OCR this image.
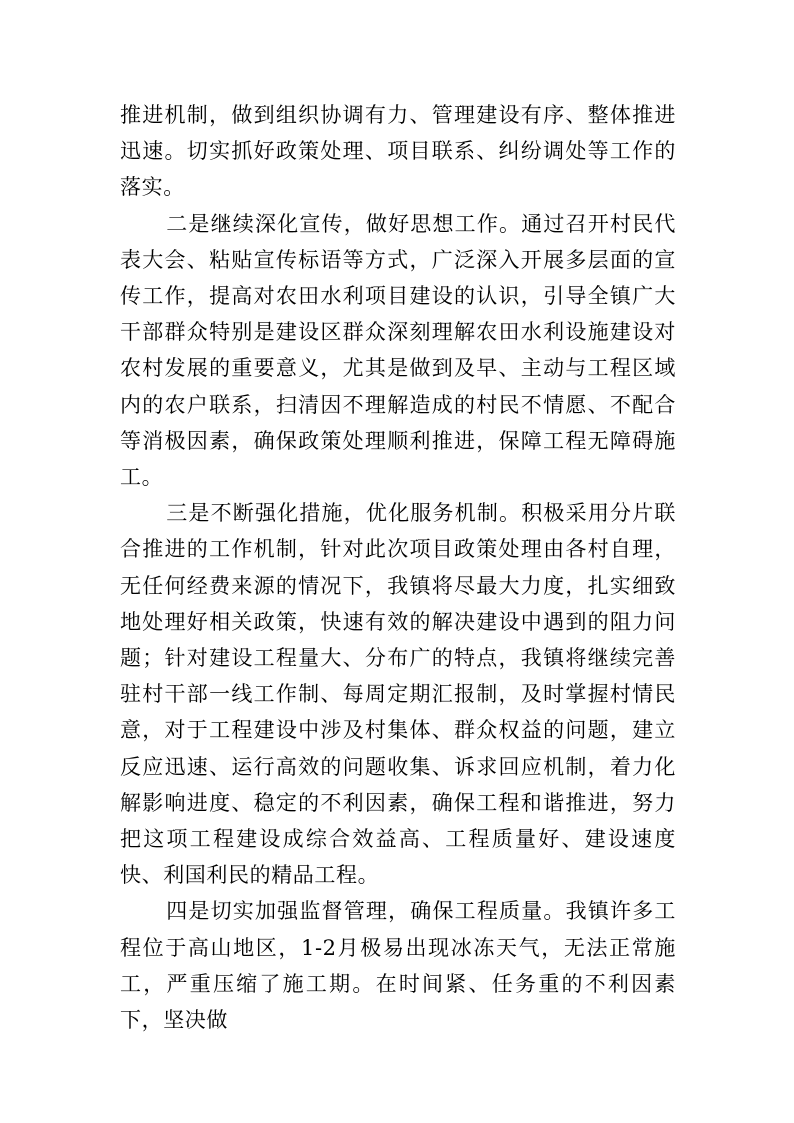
推进机制，做到组织协调有力、管理建设有序、整体推进迅速。切实抓好政策处理、项目联系、纠纷调处等工作的落实。

二是继续深化宣传，做好思想工作。通过召开村民代表大会、粘贴宣传标语等方式，广泛深入开展多层面的宣传工作，提高对农田水利项目建设的认识，引导全镇广大干部群众特别是建设区群众深刻理解农田水利设施建设对农村发展的重要意义，尤其是做到及早、主动与工程区域内的农户联系，扫清因不理解造成的村民不情愿、不配合等消极因素，确保政策处理顺利推进，保障工程无障碍施工。

三是不断强化措施，优化服务机制。积极采用分片联合推进的工作机制，针对此次项目政策处理由各村自理，无任何经费来源的情况下，我镇将尽最大力度，扎实细致地处理好相关政策，快速有效的解决建设中遇到的阻力问题；针对建设工程量大、分布广的特点，我镇将继续完善驻村干部一线工作制、每周定期汇报制，及时掌握村情民意，对于工程建设中涉及村集体、群众权益的问题，建立反应迅速、运行高效的问题收集、诉求回应机制，着力化解影响进度、稳定的不利因素，确保工程和谐推进，努力把这项工程建设成综合效益高、工程质量好、建设速度快、利国利民的精品工程。

四是切实加强监督管理，确保工程质量。我镇许多工程位于高山地区，1-2月极易出现冰冻天气，无法正常施工，严重压缩了施工期。在时间紧、任务重的不利因素下，坚决做
